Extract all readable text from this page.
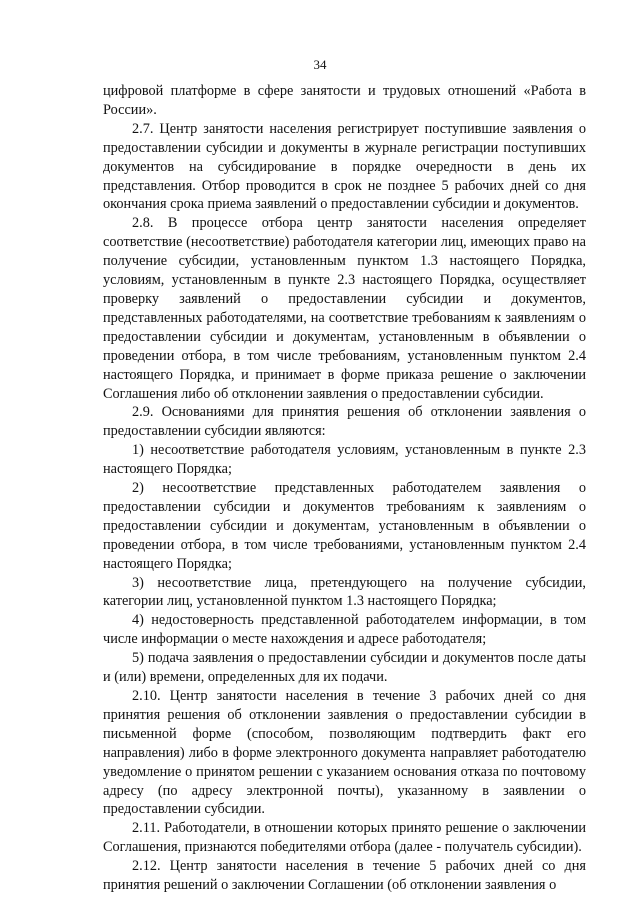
34

цифровой платформе в сфере занятости и трудовых отношений «Работа в России».

2.7. Центр занятости населения регистрирует поступившие заявления о предоставлении субсидии и документы в журнале регистрации поступивших документов на субсидирование в порядке очередности в день их представления. Отбор проводится в срок не позднее 5 рабочих дней со дня окончания срока приема заявлений о предоставлении субсидии и документов.

2.8. В процессе отбора центр занятости населения определяет соответствие (несоответствие) работодателя категории лиц, имеющих право на получение субсидии, установленным пунктом 1.3 настоящего Порядка, условиям, установленным в пункте 2.3 настоящего Порядка, осуществляет проверку заявлений о предоставлении субсидии и документов, представленных работодателями, на соответствие требованиям к заявлениям о предоставлении субсидии и документам, установленным в объявлении о проведении отбора, в том числе требованиям, установленным пунктом 2.4 настоящего Порядка, и принимает в форме приказа решение о заключении Соглашения либо об отклонении заявления о предоставлении субсидии.

2.9. Основаниями для принятия решения об отклонении заявления о предоставлении субсидии являются:

1) несоответствие работодателя условиям, установленным в пункте 2.3 настоящего Порядка;

2) несоответствие представленных работодателем заявления о предоставлении субсидии и документов требованиям к заявлениям о предоставлении субсидии и документам, установленным в объявлении о проведении отбора, в том числе требованиями, установленным пунктом 2.4 настоящего Порядка;

3) несоответствие лица, претендующего на получение субсидии, категории лиц, установленной пунктом 1.3 настоящего Порядка;

4) недостоверность представленной работодателем информации, в том числе информации о месте нахождения и адресе работодателя;

5) подача заявления о предоставлении субсидии и документов после даты и (или) времени, определенных для их подачи.

2.10. Центр занятости населения в течение 3 рабочих дней со дня принятия решения об отклонении заявления о предоставлении субсидии в письменной форме (способом, позволяющим подтвердить факт его направления) либо в форме электронного документа направляет работодателю уведомление о принятом решении с указанием основания отказа по почтовому адресу (по адресу электронной почты), указанному в заявлении о предоставлении субсидии.

2.11. Работодатели, в отношении которых принято решение о заключении Соглашения, признаются победителями отбора (далее - получатель субсидии).

2.12. Центр занятости населения в течение 5 рабочих дней со дня принятия решений о заключении Соглашении (об отклонении заявления о
